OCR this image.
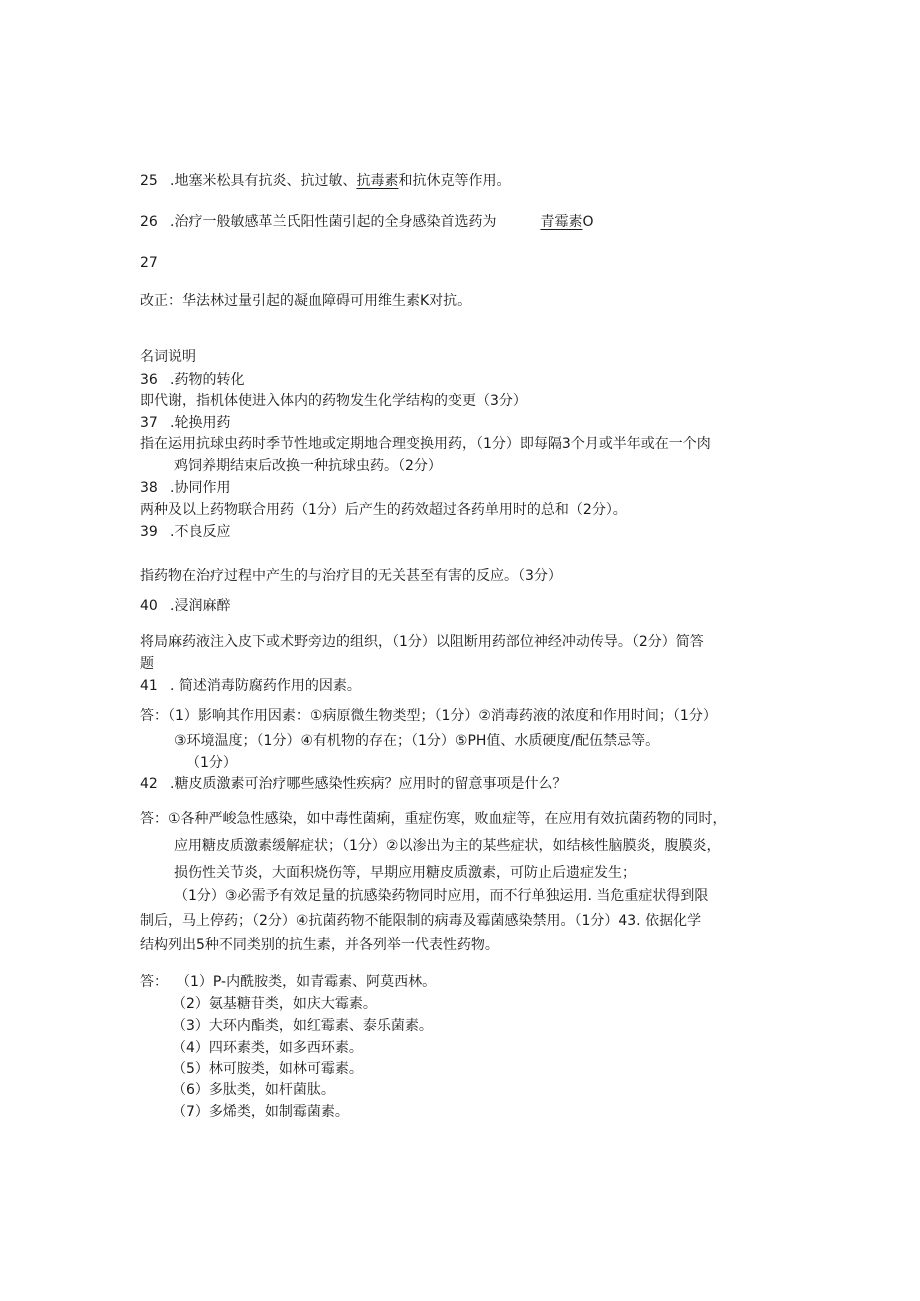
25 .地塞米松具有抗炎、抗过敏、抗毒素和抗休克等作用。
26 .治疗一般敏感革兰氏阳性菌引起的全身感染首选药为	青霉素O
27
改正：华法林过量引起的凝血障碍可用维生素K对抗。
名词说明
36 .药物的转化
即代谢，指机体使进入体内的药物发生化学结构的变更（3分）
37 .轮换用药
指在运用抗球虫药时季节性地或定期地合理变换用药，（1分）即每隔3个月或半年或在一个肉
鸡饲养期结束后改换一种抗球虫药。（2分）
38 .协同作用
两种及以上药物联合用药（1分）后产生的药效超过各药单用时的总和（2分）。
39 .不良反应
指药物在治疗过程中产生的与治疗目的无关甚至有害的反应。（3分）
40 .浸润麻醉
将局麻药液注入皮下或术野旁边的组织，（1分）以阻断用药部位神经冲动传导。（2分）简答
题
41 . 简述消毒防腐药作用的因素。
答：（1）影响其作用因素：①病原微生物类型；（1分）②消毒药液的浓度和作用时间；（1分）
③环境温度；（1分）④有机物的存在；（1分）⑤PH值、水质硬度/配伍禁忌等。
（1分）
42 .糖皮质激素可治疗哪些感染性疾病？应用时的留意事项是什么？
答：①各种严峻急性感染，如中毒性菌痢，重症伤寒，败血症等，在应用有效抗菌药物的同时，
应用糖皮质激素缓解症状；（1分）②以渗出为主的某些症状，如结核性脑膜炎，腹膜炎，
损伤性关节炎，大面积烧伤等，早期应用糖皮质激素，可防止后遗症发生；
（1分）③必需予有效足量的抗感染药物同时应用，而不行单独运用. 当危重症状得到限
制后，马上停药；（2分）④抗菌药物不能限制的病毒及霉菌感染禁用。（1分）43. 依据化学
结构列出5种不同类别的抗生素，并各列举一代表性药物。
答： （1）P-内酰胺类，如青霉素、阿莫西林。
（2）氨基糖苷类，如庆大霉素。
（3）大环内酯类，如红霉素、泰乐菌素。
（4）四环素类，如多西环素。
（5）林可胺类，如林可霉素。
（6）多肽类，如杆菌肽。
（7）多烯类，如制霉菌素。
